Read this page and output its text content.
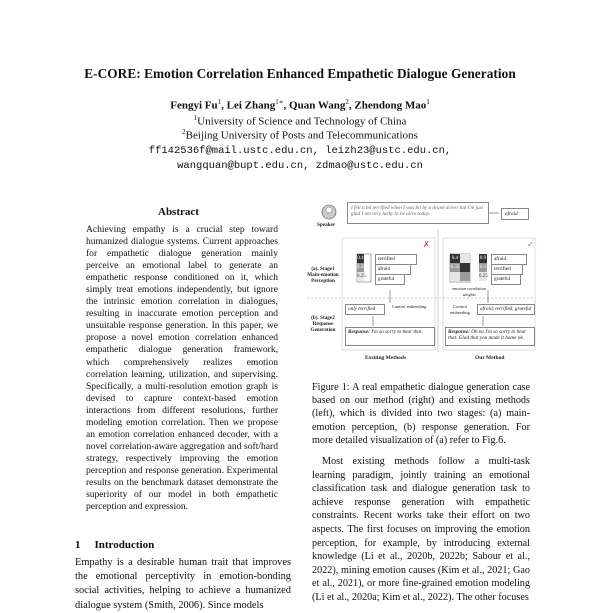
E-CORE: Emotion Correlation Enhanced Empathetic Dialogue Generation
Fengyi Fu$^1$, Lei Zhang$^{1∗}$, Quan Wang$^2$, Zhendong Mao$^1$
$^1$University of Science and Technology of China
$^2$Beijing University of Posts and Telecommunications
ff142536f@mail.ustc.edu.cn, leizh23@ustc.edu.cn,
wangquan@bupt.edu.cn, zdmao@ustc.edu.cn
Abstract
Achieving empathy is a crucial step toward humanized dialogue systems. Current approaches for empathetic dialogue generation mainly perceive an emotional label to generate an empathetic response conditioned on it, which simply treat emotions independently, but ignore the intrinsic emotion correlation in dialogues, resulting in inaccurate emotion perception and unsuitable response generation. In this paper, we propose a novel emotion correlation enhanced empathetic dialogue generation framework, which comprehensively realizes emotion correlation learning, utilization, and supervising. Specifically, a multi-resolution emotion graph is devised to capture context-based emotion interactions from different resolutions, further modeling emotion correlation. Then we propose an emotion correlation enhanced decoder, with a novel correlation-aware aggregation and soft/hard strategy, respectively improving the emotion perception and response generation. Experimental results on the benchmark dataset demonstrate the superiority of our model in both empathetic perception and expression.
1 Introduction
Empathy is a desirable human trait that improves the emotional perceptivity in emotion-bonding social activities, helping to achieve a humanized dialogue system (Smith, 2006). Since models
I felt a bit terrified when I was hit by a drunk driver but I'm just glad I am very lucky to be alive today.	afraid
Speaker
(a). Stage1 Main-emotion Perception
(b). Stage2 Response Generation
0.4
0.35
0.25
terrified
afraid
grateful
✗
only terrified	Control embeeding
Response: I'm so sorry to hear that.
Exsiting Methods
0.4
0.35
0.9
0.3
0.25
afraid
terrified
grateful
✓
emotion correlation weights
Control embeeding
afraid, terrified, grateful
Response: Oh no I'm so sorry to hear that. Glad that you made it home ok.
Our Method
Figure 1: A real empathetic dialogue generation case based on our method (right) and existing methods (left), which is divided into two stages: (a) main-emotion perception, (b) response generation. For more detailed visualization of (a) refer to Fig.6.
Most existing methods follow a multi-task learning paradigm, jointly training an emotional classification task and dialogue generation task to achieve response generation with empathetic constraints. Recent works take their effort on two aspects. The first focuses on improving the emotion perception, for example, by introducing external knowledge (Li et al., 2020b, 2022b; Sabour et al., 2022), mining emotion causes (Kim et al., 2021; Gao et al., 2021), or more fine-grained emotion modeling (Li et al., 2020a; Kim et al., 2022). The other focuses
